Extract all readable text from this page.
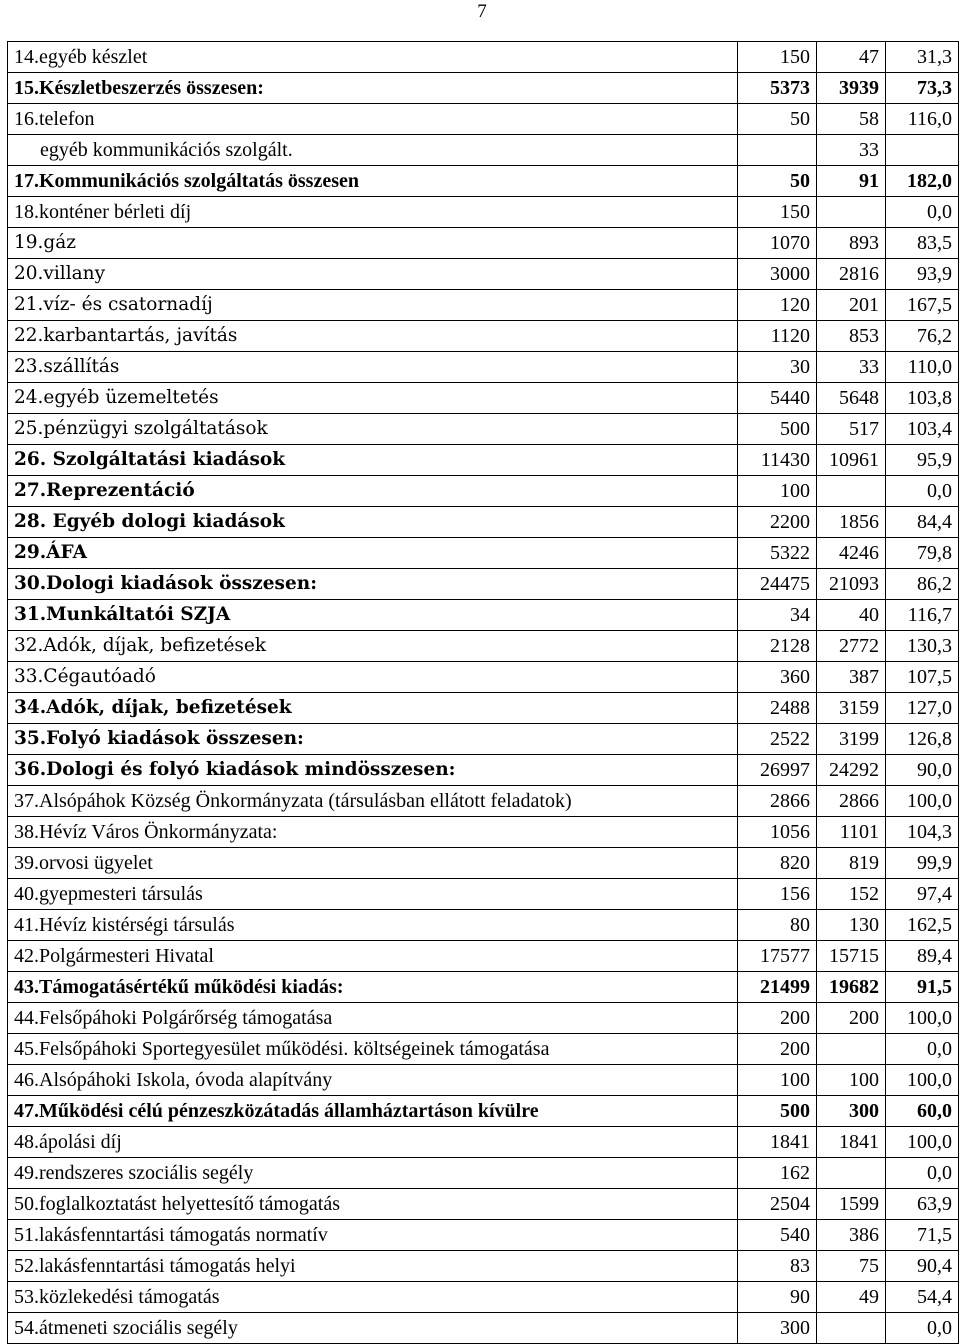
7
14.egyéb készlet	150	47	31,3
15.Készletbeszerzés összesen:	5373	3939	73,3
16.telefon	50	58	116,0
egyéb kommunikációs szolgált.		33	
17.Kommunikációs szolgáltatás összesen	50	91	182,0
18.konténer bérleti díj	150		0,0
19.gáz	1070	893	83,5
20.villany	3000	2816	93,9
21.víz- és csatornadíj	120	201	167,5
22.karbantartás, javítás	1120	853	76,2
23.szállítás	30	33	110,0
24.egyéb üzemeltetés	5440	5648	103,8
25.pénzügyi szolgáltatások	500	517	103,4
26. Szolgáltatási kiadások	11430	10961	95,9
27.Reprezentáció	100		0,0
28. Egyéb dologi kiadások	2200	1856	84,4
29.ÁFA	5322	4246	79,8
30.Dologi kiadások összesen:	24475	21093	86,2
31.Munkáltatói SZJA	34	40	116,7
32.Adók, díjak, befizetések	2128	2772	130,3
33.Cégautóadó	360	387	107,5
34.Adók, díjak, befizetések	2488	3159	127,0
35.Folyó kiadások összesen:	2522	3199	126,8
36.Dologi és folyó kiadások mindösszesen:	26997	24292	90,0
37.Alsópáhok Község Önkormányzata (társulásban ellátott feladatok)	2866	2866	100,0
38.Hévíz Város Önkormányzata:	1056	1101	104,3
39.orvosi ügyelet	820	819	99,9
40.gyepmesteri társulás	156	152	97,4
41.Hévíz kistérségi társulás	80	130	162,5
42.Polgármesteri Hivatal	17577	15715	89,4
43.Támogatásértékű működési kiadás:	21499	19682	91,5
44.Felsőpáhoki Polgárőrség támogatása	200	200	100,0
45.Felsőpáhoki Sportegyesület működési. költségeinek támogatása	200		0,0
46.Alsópáhoki Iskola, óvoda alapítvány	100	100	100,0
47.Működési célú pénzeszközátadás államháztartáson kívülre	500	300	60,0
48.ápolási díj	1841	1841	100,0
49.rendszeres szociális segély	162		0,0
50.foglalkoztatást helyettesítő támogatás	2504	1599	63,9
51.lakásfenntartási támogatás normatív	540	386	71,5
52.lakásfenntartási támogatás helyi	83	75	90,4
53.közlekedési támogatás	90	49	54,4
54.átmeneti szociális segély	300		0,0
